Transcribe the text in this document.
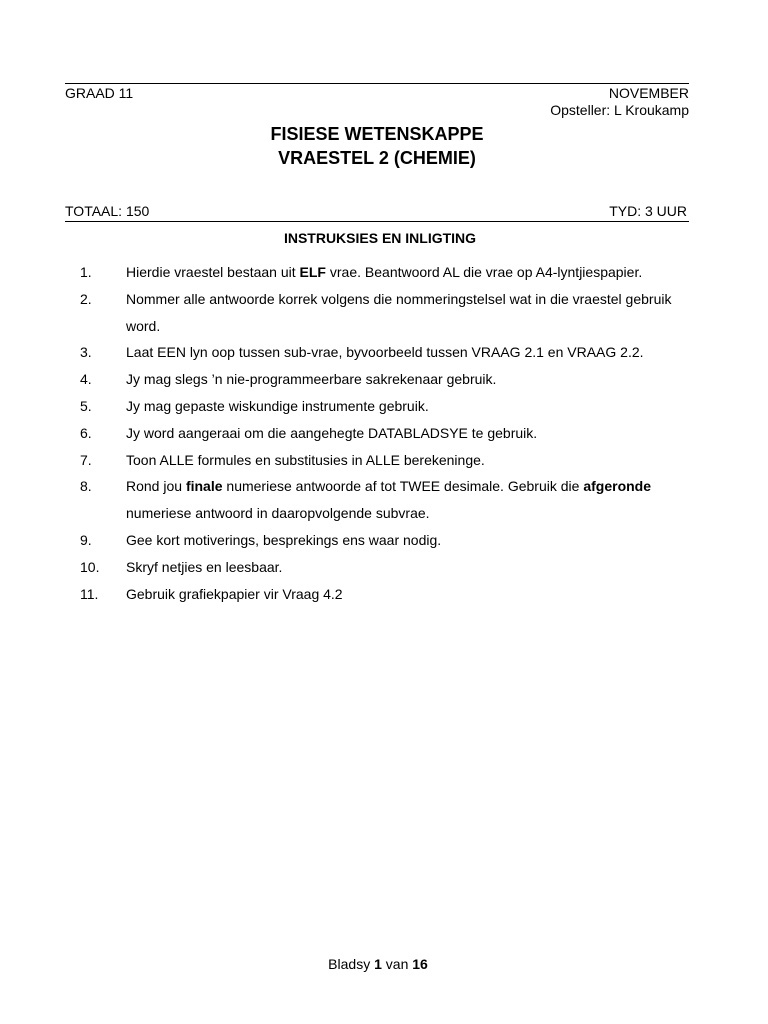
GRAAD 11	NOVEMBER
Opsteller: L Kroukamp
FISIESE WETENSKAPPE
VRAESTEL 2 (CHEMIE)
TOTAAL: 150	TYD: 3 UUR
INSTRUKSIES EN INLIGTING
1.	Hierdie vraestel bestaan uit ELF vrae. Beantwoord AL die vrae op A4-lyntjiespapier.
2.	Nommer alle antwoorde korrek volgens die nommeringstelsel wat in die vraestel gebruik word.
3.	Laat EEN lyn oop tussen sub-vrae, byvoorbeeld tussen VRAAG 2.1 en VRAAG 2.2.
4.	Jy mag slegs ’n nie-programmeerbare sakrekenaar gebruik.
5.	Jy mag gepaste wiskundige instrumente gebruik.
6.	Jy word aangeraai om die aangehegte DATABLADSYE te gebruik.
7.	Toon ALLE formules en substitusies in ALLE berekeninge.
8.	Rond jou finale numeriese antwoorde af tot TWEE desimale. Gebruik die afgeronde numeriese antwoord in daaropvolgende subvrae.
9.	Gee kort motiverings, besprekings ens waar nodig.
10.	Skryf netjies en leesbaar.
11.	Gebruik grafiekpapier vir Vraag 4.2
Bladsy 1 van 16
